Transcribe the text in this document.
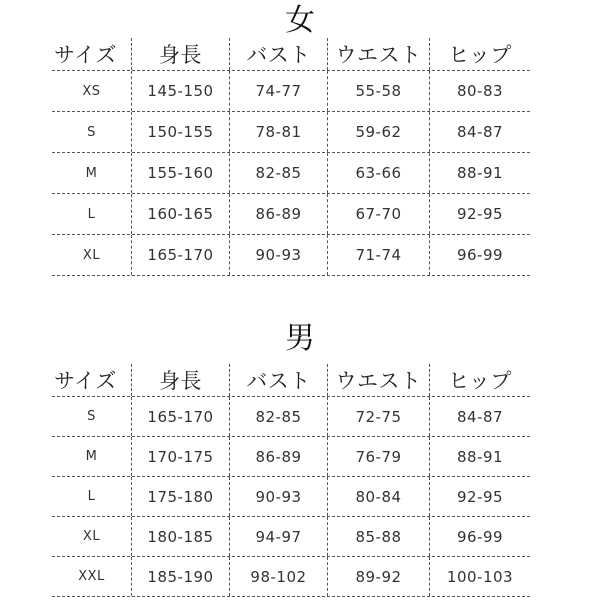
女
サイズ	身長	バスト	ウエスト	ヒップ
XS	145-150	74-77	55-58	80-83
S	150-155	78-81	59-62	84-87
M	155-160	82-85	63-66	88-91
L	160-165	86-89	67-70	92-95
XL	165-170	90-93	71-74	96-99
男
サイズ	身長	バスト	ウエスト	ヒップ
S	165-170	82-85	72-75	84-87
M	170-175	86-89	76-79	88-91
L	175-180	90-93	80-84	92-95
XL	180-185	94-97	85-88	96-99
XXL	185-190	98-102	89-92	100-103
